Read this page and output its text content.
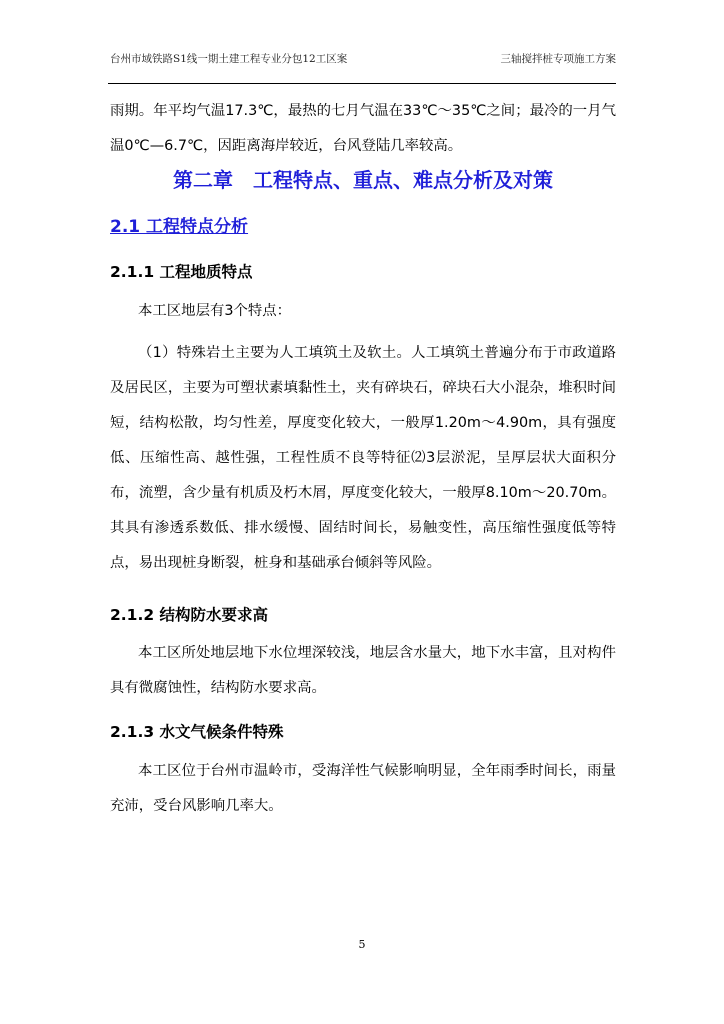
台州市域铁路S1线一期土建工程专业分包12工区案	三轴搅拌桩专项施工方案

雨期。年平均气温17.3℃，最热的七月气温在33℃～35℃之间；最冷的一月气温0℃—6.7℃，因距离海岸较近，台风登陆几率较高。

第二章　工程特点、重点、难点分析及对策
2.1 工程特点分析
2.1.1 工程地质特点

本工区地层有3个特点：

（1）特殊岩土主要为人工填筑土及软土。人工填筑土普遍分布于市政道路及居民区，主要为可塑状素填黏性土，夹有碎块石，碎块石大小混杂，堆积时间短，结构松散，均匀性差，厚度变化较大，一般厚1.20m～4.90m，具有强度低、压缩性高、越性强，工程性质不良等特征⑵3层淤泥，呈厚层状大面积分布，流塑，含少量有机质及朽木屑，厚度变化较大，一般厚8.10m～20.70m。其具有渗透系数低、排水缓慢、固结时间长，易触变性，高压缩性强度低等特点，易出现桩身断裂，桩身和基础承台倾斜等风险。

2.1.2 结构防水要求高

本工区所处地层地下水位埋深较浅，地层含水量大，地下水丰富，且对构件具有微腐蚀性，结构防水要求高。

2.1.3 水文气候条件特殊

本工区位于台州市温岭市，受海洋性气候影响明显，全年雨季时间长，雨量充沛，受台风影响几率大。

5
